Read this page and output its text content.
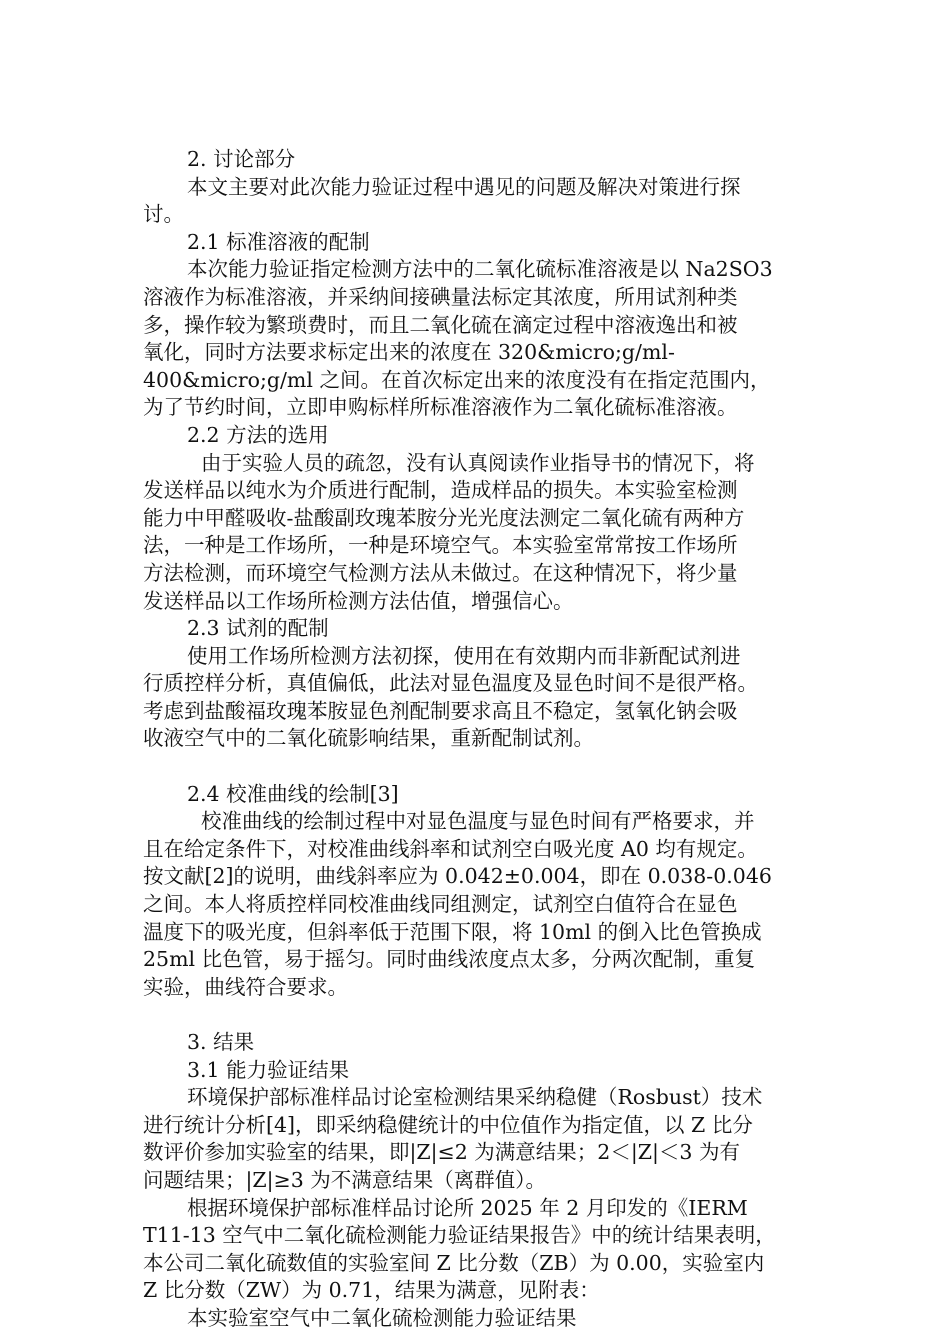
2. 讨论部分
本文主要对此次能力验证过程中遇见的问题及解决对策进行探
讨。
2.1 标准溶液的配制
本次能力验证指定检测方法中的二氧化硫标准溶液是以 Na2SO3
溶液作为标准溶液，并采纳间接碘量法标定其浓度，所用试剂种类
多，操作较为繁琐费时，而且二氧化硫在滴定过程中溶液逸出和被
氧化，同时方法要求标定出来的浓度在 320&micro;g/ml-
400&micro;g/ml 之间。在首次标定出来的浓度没有在指定范围内，
为了节约时间，立即申购标样所标准溶液作为二氧化硫标准溶液。
2.2 方法的选用
由于实验人员的疏忽，没有认真阅读作业指导书的情况下，将
发送样品以纯水为介质进行配制，造成样品的损失。本实验室检测
能力中甲醛吸收-盐酸副玫瑰苯胺分光光度法测定二氧化硫有两种方
法，一种是工作场所，一种是环境空气。本实验室常常按工作场所
方法检测，而环境空气检测方法从未做过。在这种情况下，将少量
发送样品以工作场所检测方法估值，增强信心。
2.3 试剂的配制
使用工作场所检测方法初探，使用在有效期内而非新配试剂进
行质控样分析，真值偏低，此法对显色温度及显色时间不是很严格。
考虑到盐酸福玫瑰苯胺显色剂配制要求高且不稳定，氢氧化钠会吸
收液空气中的二氧化硫影响结果，重新配制试剂。
2.4 校准曲线的绘制[3]
校准曲线的绘制过程中对显色温度与显色时间有严格要求，并
且在给定条件下，对校准曲线斜率和试剂空白吸光度 A0 均有规定。
按文献[2]的说明，曲线斜率应为 0.042±0.004，即在 0.038-0.046
之间。本人将质控样同校准曲线同组测定，试剂空白值符合在显色
温度下的吸光度，但斜率低于范围下限，将 10ml 的倒入比色管换成
25ml 比色管，易于摇匀。同时曲线浓度点太多，分两次配制，重复
实验，曲线符合要求。
3. 结果
3.1 能力验证结果
环境保护部标准样品讨论室检测结果采纳稳健（Rosbust）技术
进行统计分析[4]，即采纳稳健统计的中位值作为指定值，以 Z 比分
数评价参加实验室的结果，即|Z|≤2 为满意结果；2＜|Z|＜3 为有
问题结果；|Z|≥3 为不满意结果（离群值）。
根据环境保护部标准样品讨论所 2025 年 2 月印发的《IERM
T11-13 空气中二氧化硫检测能力验证结果报告》中的统计结果表明，
本公司二氧化硫数值的实验室间 Z 比分数（ZB）为 0.00，实验室内
Z 比分数（ZW）为 0.71，结果为满意，见附表：
本实验室空气中二氧化硫检测能力验证结果
